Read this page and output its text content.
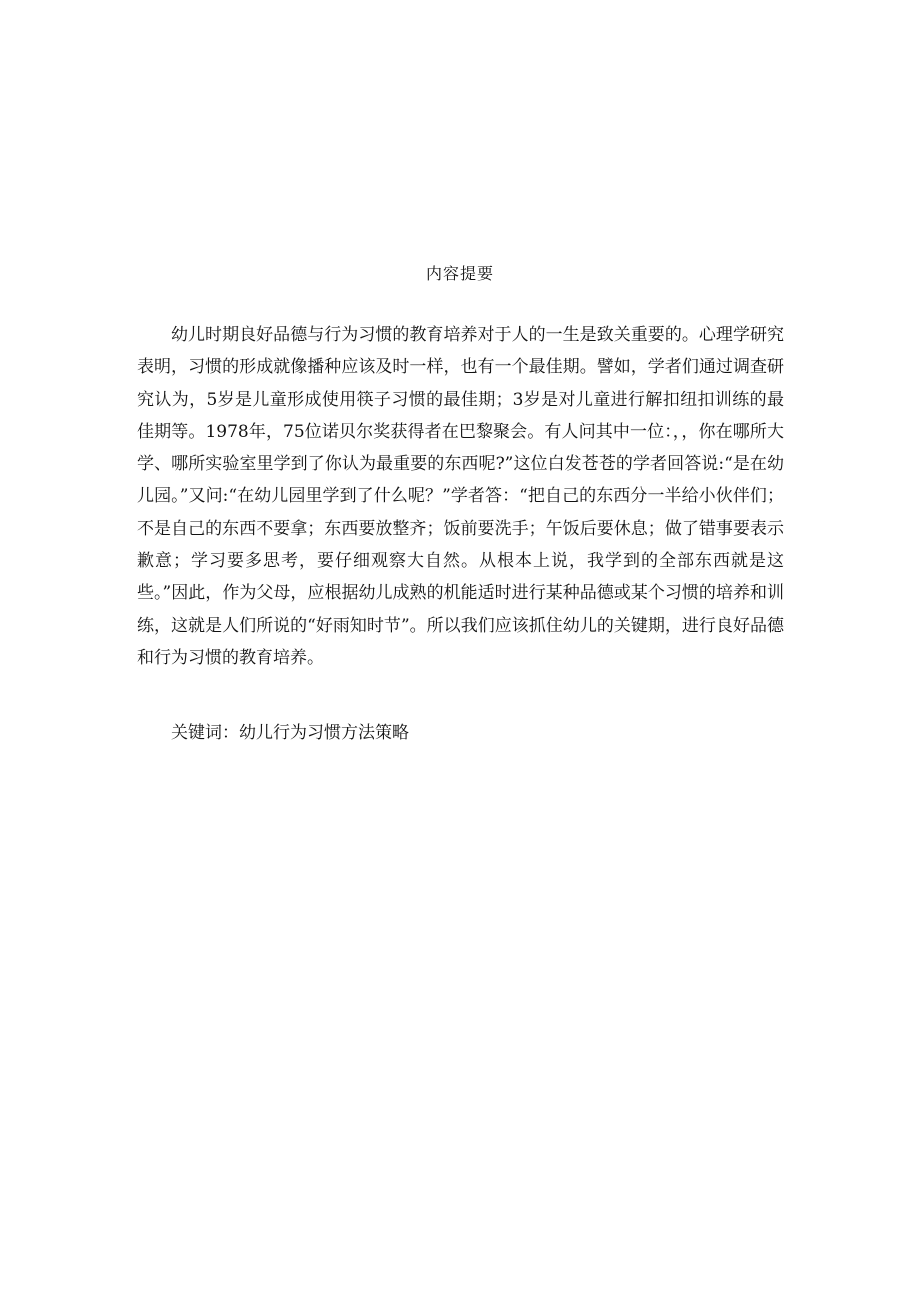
内容提要

幼儿时期良好品德与行为习惯的教育培养对于人的一生是致关重要的。心理学研究表明，习惯的形成就像播种应该及时一样，也有一个最佳期。譬如，学者们通过调查研究认为，5岁是儿童形成使用筷子习惯的最佳期；3岁是对儿童进行解扣纽扣训练的最佳期等。1978年，75位诺贝尔奖获得者在巴黎聚会。有人问其中一位：，，你在哪所大学、哪所实验室里学到了你认为最重要的东西呢?”这位白发苍苍的学者回答说:“是在幼儿园。”又问:“在幼儿园里学到了什么呢？”学者答：“把自己的东西分一半给小伙伴们；不是自己的东西不要拿；东西要放整齐；饭前要洗手；午饭后要休息；做了错事要表示歉意；学习要多思考，要仔细观察大自然。从根本上说，我学到的全部东西就是这些。”因此，作为父母，应根据幼儿成熟的机能适时进行某种品德或某个习惯的培养和训练，这就是人们所说的“好雨知时节”。所以我们应该抓住幼儿的关键期，进行良好品德和行为习惯的教育培养。

关键词：幼儿行为习惯方法策略
